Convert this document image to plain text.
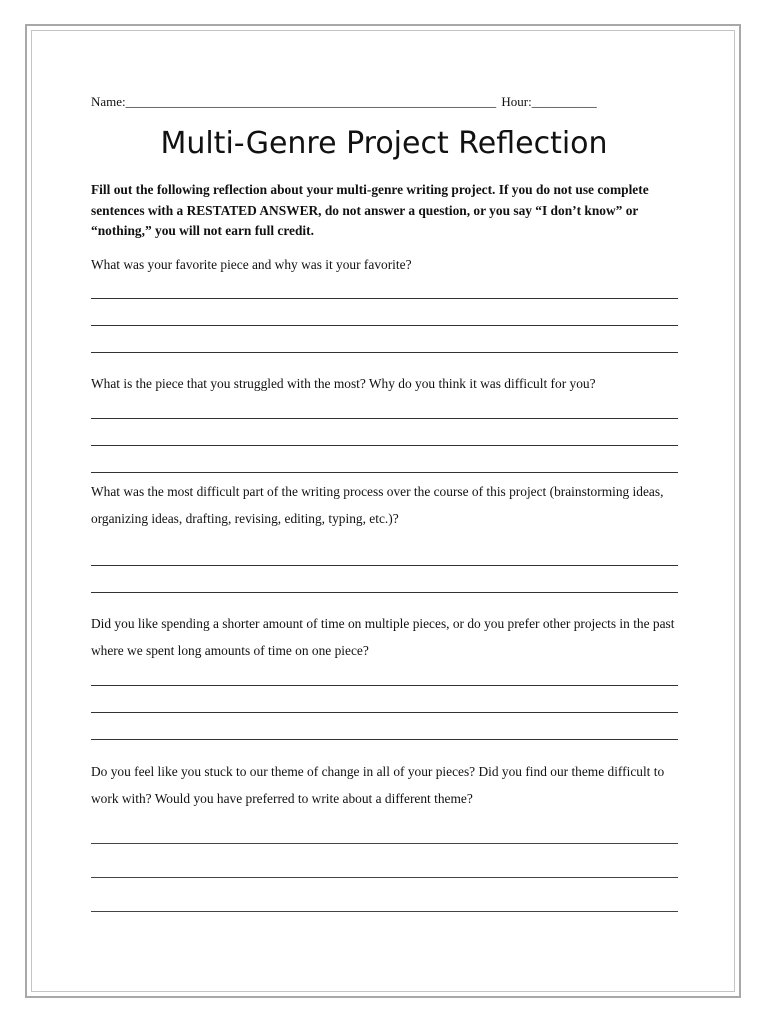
Name:_________________________________________________________ Hour:__________
Multi-Genre Project Reflection
Fill out the following reflection about your multi-genre writing project. If you do not use complete sentences with a RESTATED ANSWER, do not answer a question, or you say “I don’t know” or “nothing,” you will not earn full credit.
What was your favorite piece and why was it your favorite?
What is the piece that you struggled with the most? Why do you think it was difficult for you?
What was the most difficult part of the writing process over the course of this project (brainstorming ideas, organizing ideas, drafting, revising, editing, typing, etc.)?
Did you like spending a shorter amount of time on multiple pieces, or do you prefer other projects in the past where we spent long amounts of time on one piece?
Do you feel like you stuck to our theme of change in all of your pieces? Did you find our theme difficult to work with? Would you have preferred to write about a different theme?
